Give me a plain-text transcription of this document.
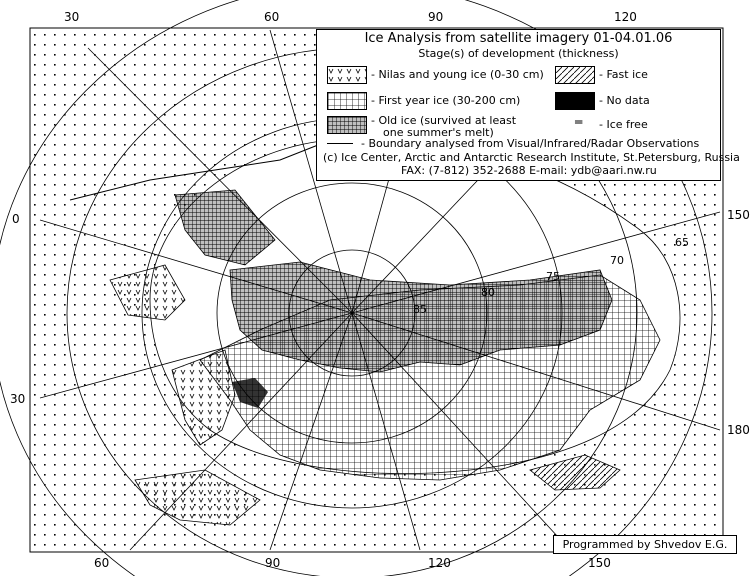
30	60	90	120
60	90	120	150
0
30
150
180
65
70
75
80
85
Ice Analysis from satellite imagery 01-04.01.06
Stage(s) of development (thickness)
- Nilas and young ice (0-30 cm)	- Fast ice
- First year ice (30-200 cm)	- No data
- Old ice (survived at least
one summer's melt)
═ - Ice free
- Boundary analysed from Visual/Infrared/Radar Observations
(c) Ice Center, Arctic and Antarctic Research Institute, St.Petersburg, Russia
FAX: (7-812) 352-2688 E-mail: ydb@aari.nw.ru
Programmed by Shvedov E.G.
